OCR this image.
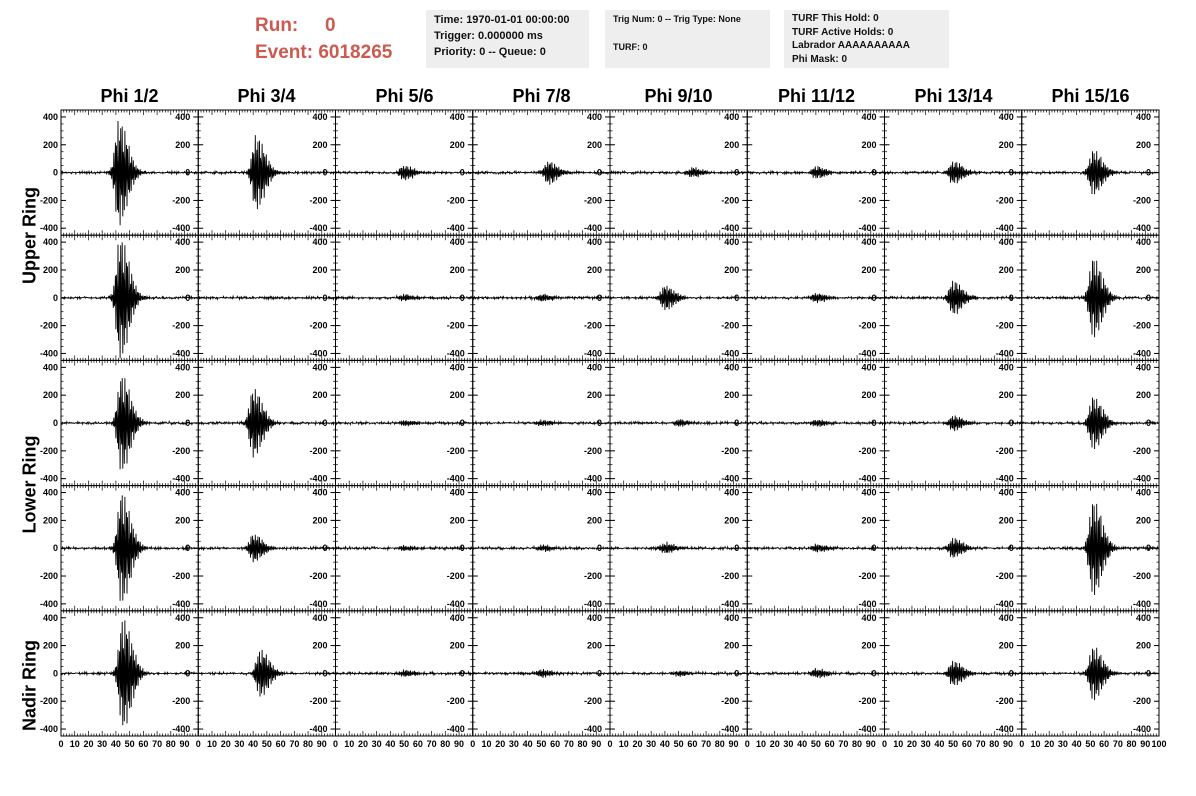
Run: 0
Event: 6018265
Time: 1970-01-01 00:00:00
Trigger: 0.000000 ms
Priority: 0 -- Queue: 0
Trig Num: 0 -- Trig Type: None

TURF: 0
TURF This Hold: 0
TURF Active Holds: 0
Labrador AAAAAAAAAA
Phi Mask: 0
Phi 1/2	Phi 3/4	Phi 5/6	Phi 7/8	Phi 9/10	Phi 11/12	Phi 13/14	Phi 15/16
Upper Ring
Lower Ring
Nadir Ring
400
400
200
200
0
0
-200
-200
-400
-400
400
200
0
-200
-400
400
200
0
-200
-400
400
200
0
-200
-400
400
200
0
-200
-400
400
200
0
-200
-400
400
200
0
-200
-400
400
200
0
-200
-400
400
400
200
200
0
0
-200
-200
-400
-400
400
200
0
-200
-400
400
200
0
-200
-400
400
200
0
-200
-400
400
200
0
-200
-400
400
200
0
-200
-400
400
200
0
-200
-400
400
200
0
-200
-400
400
400
200
200
0
0
-200
-200
-400
-400
400
200
0
-200
-400
400
200
0
-200
-400
400
200
0
-200
-400
400
200
0
-200
-400
400
200
0
-200
-400
400
200
0
-200
-400
400
200
0
-200
-400
400
400
200
200
0
0
-200
-200
-400
-400
400
200
0
-200
-400
400
200
0
-200
-400
400
200
0
-200
-400
400
200
0
-200
-400
400
200
0
-200
-400
400
200
0
-200
-400
400
200
0
-200
-400
400
400
200
200
0
0
-200
-200
-400
-400
0 10 20 30 40 50 60 70 80 90
400
200
0
-200
-400
0 10 20 30 40 50 60 70 80 90
400
200
0
-200
-400
0 10 20 30 40 50 60 70 80 90
400
200
0
-200
-400
0 10 20 30 40 50 60 70 80 90
400
200
0
-200
-400
0 10 20 30 40 50 60 70 80 90
400
200
0
-200
-400
0 10 20 30 40 50 60 70 80 90
400
200
0
-200
-400
0 10 20 30 40 50 60 70 80 90
400
200
0
-200
-400
0 10 20 30 40 50 60 70 80 90 100
